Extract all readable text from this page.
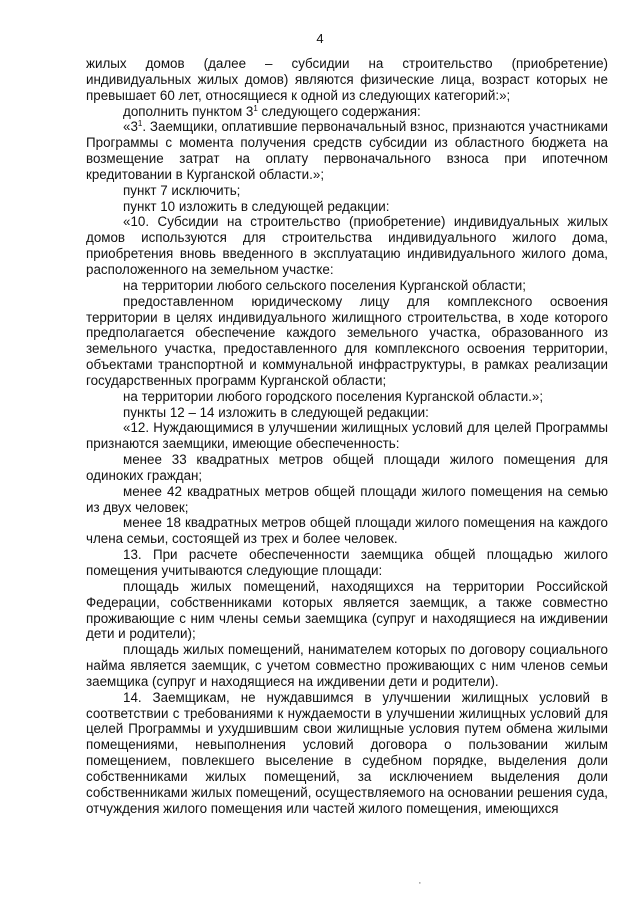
4

жилых домов (далее – субсидии на строительство (приобретение) индивидуальных жилых домов) являются физические лица, возраст которых не превышает 60 лет, относящиеся к одной из следующих категорий:»;

дополнить пунктом $3^1$ следующего содержания:

«$3^1$. Заемщики, оплатившие первоначальный взнос, признаются участниками Программы с момента получения средств субсидии из областного бюджета на возмещение затрат на оплату первоначального взноса при ипотечном кредитовании в Курганской области.»;

пункт 7 исключить;

пункт 10 изложить в следующей редакции:

«10. Субсидии на строительство (приобретение) индивидуальных жилых домов используются для строительства индивидуального жилого дома, приобретения вновь введенного в эксплуатацию индивидуального жилого дома, расположенного на земельном участке:

на территории любого сельского поселения Курганской области;

предоставленном юридическому лицу для комплексного освоения территории в целях индивидуального жилищного строительства, в ходе которого предполагается обеспечение каждого земельного участка, образованного из земельного участка, предоставленного для комплексного освоения территории, объектами транспортной и коммунальной инфраструктуры, в рамках реализации государственных программ Курганской области;

на территории любого городского поселения Курганской области.»;

пункты 12 – 14 изложить в следующей редакции:

«12. Нуждающимися в улучшении жилищных условий для целей Программы признаются заемщики, имеющие обеспеченность:

менее 33 квадратных метров общей площади жилого помещения для одиноких граждан;

менее 42 квадратных метров общей площади жилого помещения на семью из двух человек;

менее 18 квадратных метров общей площади жилого помещения на каждого члена семьи, состоящей из трех и более человек.

13. При расчете обеспеченности заемщика общей площадью жилого помещения учитываются следующие площади:

площадь жилых помещений, находящихся на территории Российской Федерации, собственниками которых является заемщик, а также совместно проживающие с ним члены семьи заемщика (супруг и находящиеся на иждивении дети и родители);

площадь жилых помещений, нанимателем которых по договору социального найма является заемщик, с учетом совместно проживающих с ним членов семьи заемщика (супруг и находящиеся на иждивении дети и родители).

14. Заемщикам, не нуждавшимся в улучшении жилищных условий в соответствии с требованиями к нуждаемости в улучшении жилищных условий для целей Программы и ухудшившим свои жилищные условия путем обмена жилыми помещениями, невыполнения условий договора о пользовании жилым помещением, повлекшего выселение в судебном порядке, выделения доли собственниками жилых помещений, за исключением выделения доли собственниками жилых помещений, осуществляемого на основании решения суда, отчуждения жилого помещения или частей жилого помещения, имеющихся

·
